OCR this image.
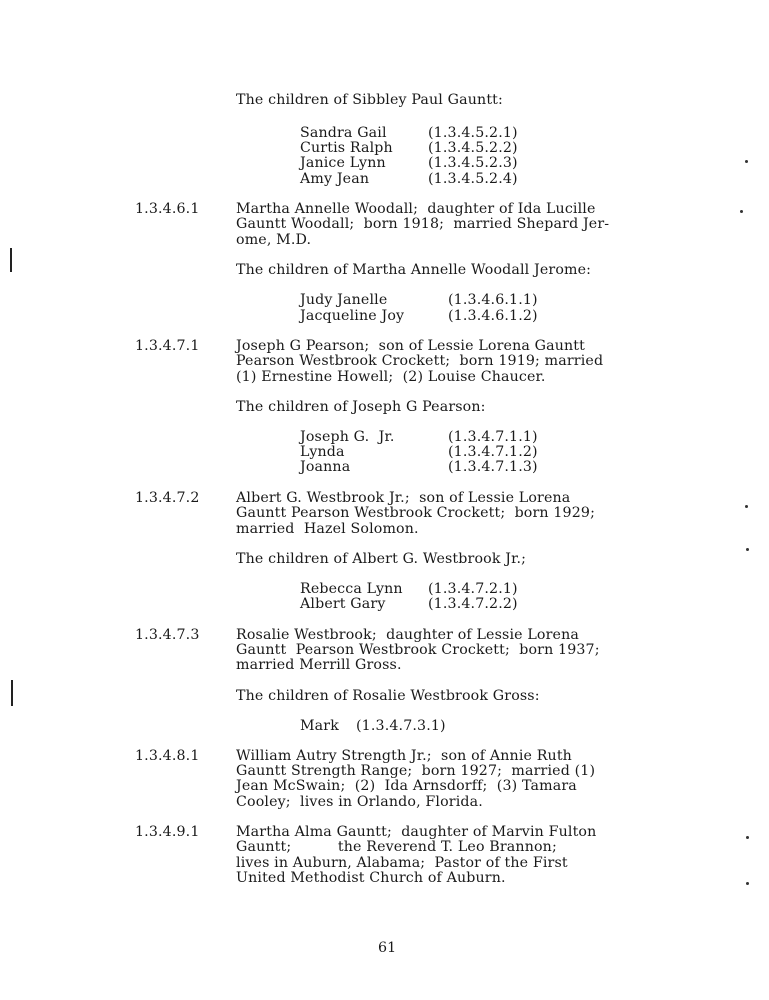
The children of Sibbley Paul Gauntt:
Sandra Gail	(1.3.4.5.2.1)
Curtis Ralph (1.3.4.5.2.2)
Janice Lynn	(1.3.4.5.2.3)
Amy Jean	(1.3.4.5.2.4)
1.3.4.6.1	Martha Annelle Woodall;  daughter of Ida Lucille
Gauntt Woodall;  born 1918;  married Shepard Jer-
ome, M.D.
The children of Martha Annelle Woodall Jerome:
Judy Janelle	(1.3.4.6.1.1)
Jacqueline Joy	(1.3.4.6.1.2)
1.3.4.7.1	Joseph G Pearson;  son of Lessie Lorena Gauntt
Pearson Westbrook Crockett;  born 1919; married
(1) Ernestine Howell;  (2) Louise Chaucer.
The children of Joseph G Pearson:
Joseph G.  Jr.	(1.3.4.7.1.1)
Lynda	(1.3.4.7.1.2)
Joanna	(1.3.4.7.1.3)
1.3.4.7.2	Albert G. Westbrook Jr.;  son of Lessie Lorena
Gauntt Pearson Westbrook Crockett;  born 1929;
married  Hazel Solomon.
The children of Albert G. Westbrook Jr.;
Rebecca Lynn (1.3.4.7.2.1)
Albert Gary	(1.3.4.7.2.2)
1.3.4.7.3	Rosalie Westbrook;  daughter of Lessie Lorena
Gauntt  Pearson Westbrook Crockett;  born 1937;
married Merrill Gross.
The children of Rosalie Westbrook Gross:
Mark (1.3.4.7.3.1)
1.3.4.8.1	William Autry Strength Jr.;  son of Annie Ruth
Gauntt Strength Range;  born 1927;  married (1)
Jean McSwain;  (2)  Ida Arnsdorff;  (3) Tamara
Cooley;  lives in Orlando, Florida.
1.3.4.9.1	Martha Alma Gauntt;  daughter of Marvin Fulton
Gauntt;          the Reverend T. Leo Brannon;
lives in Auburn, Alabama;  Pastor of the First
United Methodist Church of Auburn.
61
